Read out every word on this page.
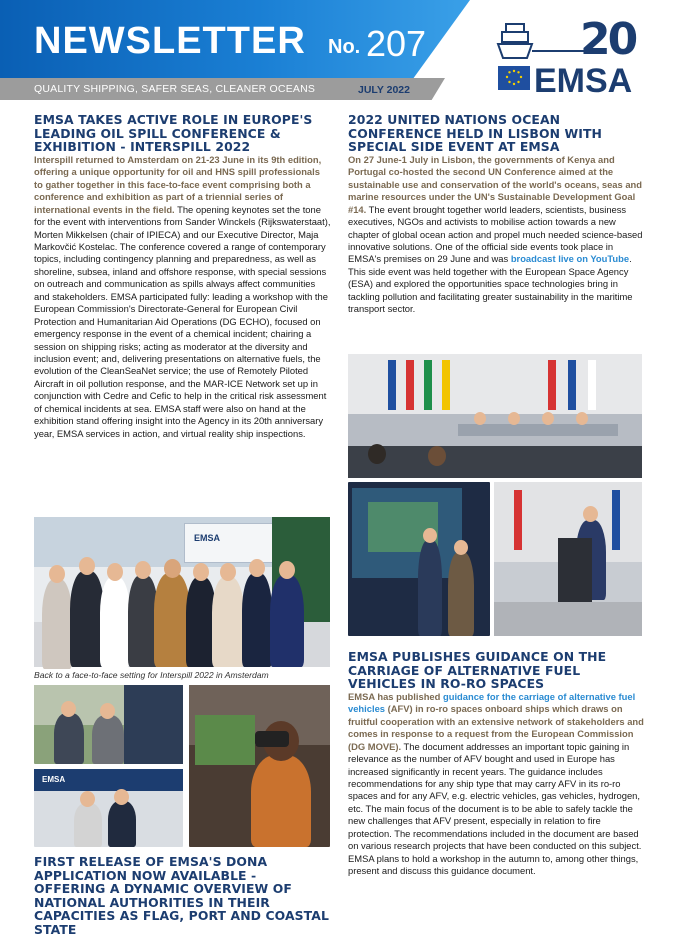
NEWSLETTER No. 207
QUALITY SHIPPING, SAFER SEAS, CLEANER OCEANS	JULY 2022
20
EMSA
EMSA TAKES ACTIVE ROLE IN EUROPE'S LEADING OIL SPILL CONFERENCE & EXHIBITION - INTERSPILL 2022

Interspill returned to Amsterdam on 21-23 June in its 9th edition, offering a unique opportunity for oil and HNS spill professionals to gather together in this face-to-face event comprising both a conference and exhibition as part of a triennial series of international events in the field. The opening keynotes set the tone for the event with interventions from Sander Winckels (Rijkswaterstaat), Morten Mikkelsen (chair of IPIECA) and our Executive Director, Maja Markovčić Kostelac. The conference covered a range of contemporary topics, including contingency planning and preparedness, as well as shoreline, subsea, inland and offshore response, with special sessions on outreach and communication as spills always affect communities and stakeholders. EMSA participated fully: leading a workshop with the European Commission's Directorate-General for European Civil Protection and Humanitarian Aid Operations (DG ECHO), focused on emergency response in the event of a chemical incident; chairing a session on shipping risks; acting as moderator at the diversity and inclusion event; and, delivering presentations on alternative fuels, the evolution of the CleanSeaNet service; the use of Remotely Piloted Aircraft in oil pollution response, and the MAR-ICE Network set up in conjunction with Cedre and Cefic to help in the critical risk assessment of chemical incidents at sea. EMSA staff were also on hand at the exhibition stand offering insight into the Agency in its 20th anniversary year, EMSA services in action, and virtual reality ship inspections.

EMSA
Back to a face-to-face setting for Interspill 2022 in Amsterdam
EMSA
FIRST RELEASE OF EMSA'S DONA APPLICATION NOW AVAILABLE - OFFERING A DYNAMIC OVERVIEW OF NATIONAL AUTHORITIES IN THEIR CAPACITIES AS FLAG, PORT AND COASTAL STATE
2022 UNITED NATIONS OCEAN CONFERENCE HELD IN LISBON WITH SPECIAL SIDE EVENT AT EMSA

On 27 June-1 July in Lisbon, the governments of Kenya and Portugal co-hosted the second UN Conference aimed at the sustainable use and conservation of the world's oceans, seas and marine resources under the UN's Sustainable Development Goal #14. The event brought together world leaders, scientists, business executives, NGOs and activists to mobilise action towards a new chapter of global ocean action and propel much needed science-based innovative solutions. One of the official side events took place in EMSA's premises on 29 June and was broadcast live on YouTube. This side event was held together with the European Space Agency (ESA) and explored the opportunities space technologies bring in tackling pollution and facilitating greater sustainability in the maritime transport sector.

EMSA PUBLISHES GUIDANCE ON THE CARRIAGE OF ALTERNATIVE FUEL VEHICLES IN RO-RO SPACES

EMSA has published guidance for the carriage of alternative fuel vehicles (AFV) in ro-ro spaces onboard ships which draws on fruitful cooperation with an extensive network of stakeholders and comes in response to a request from the European Commission (DG MOVE). The document addresses an important topic gaining in relevance as the number of AFV bought and used in Europe has increased significantly in recent years. The guidance includes recommendations for any ship type that may carry AFV in its ro-ro spaces and for any AFV, e.g. electric vehicles, gas vehicles, hydrogen, etc. The main focus of the document is to be able to safely tackle the new challenges that AFV present, especially in relation to fire protection. The recommendations included in the document are based on various research projects that have been conducted on this subject. EMSA plans to hold a workshop in the autumn to, among other things, present and discuss this guidance document.
